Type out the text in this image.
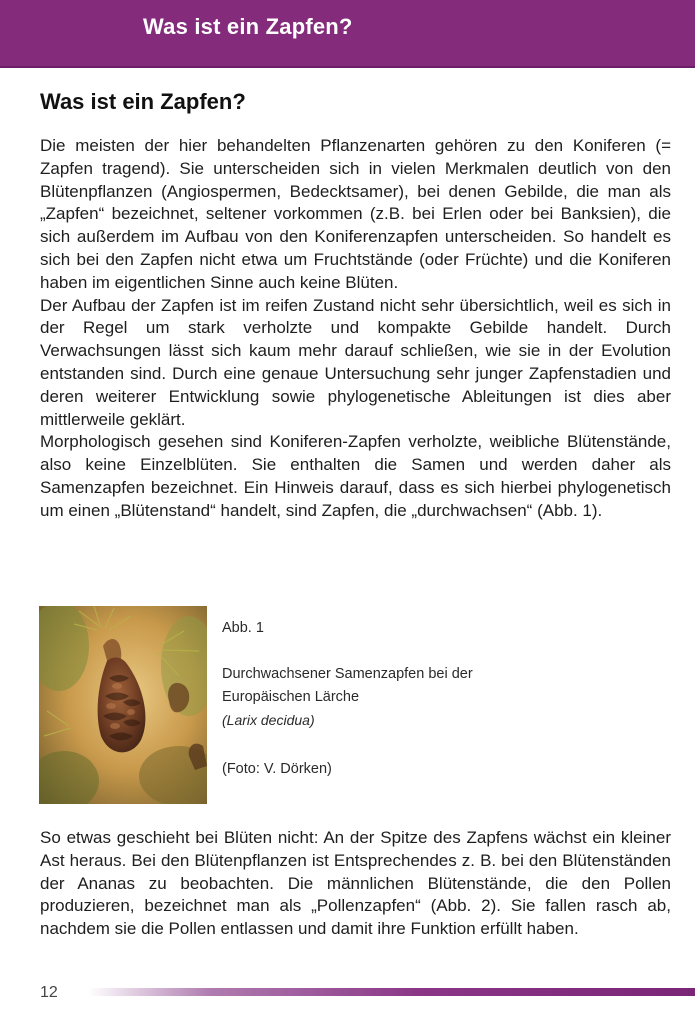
Was ist ein Zapfen?
Was ist ein Zapfen?

Die meisten der hier behandelten Pflanzenarten gehören zu den Koniferen (= Zapfen tragend). Sie unterscheiden sich in vielen Merkmalen deutlich von den Blütenpflanzen (Angiospermen, Bedecktsamer), bei denen Gebilde, die man als „Zapfen“ bezeichnet, seltener vorkommen (z.B. bei Erlen oder bei Banksien), die sich außerdem im Aufbau von den Koniferenzapfen unterscheiden. So handelt es sich bei den Zapfen nicht etwa um Fruchtstände (oder Früchte) und die Koniferen haben im eigentlichen Sinne auch keine Blüten.

Der Aufbau der Zapfen ist im reifen Zustand nicht sehr übersichtlich, weil es sich in der Regel um stark verholzte und kompakte Gebilde handelt. Durch Verwachsungen lässt sich kaum mehr darauf schließen, wie sie in der Evolution entstanden sind. Durch eine genaue Untersuchung sehr junger Zapfenstadien und deren weiterer Entwicklung sowie phylogenetische Ableitungen ist dies aber mittlerweile geklärt.

Morphologisch gesehen sind Koniferen-Zapfen verholzte, weibliche Blütenstände, also keine Einzelblüten. Sie enthalten die Samen und werden daher als Samenzapfen bezeichnet. Ein Hinweis darauf, dass es sich hierbei phylogenetisch um einen „Blütenstand“ handelt, sind Zapfen, die „durchwachsen“ (Abb. 1).

Abb. 1
Durchwachsener Samenzapfen bei der
Europäischen Lärche
(Larix decidua)
(Foto: V. Dörken)

So etwas geschieht bei Blüten nicht: An der Spitze des Zapfens wächst ein kleiner Ast heraus. Bei den Blütenpflanzen ist Entsprechendes z. B. bei den Blütenständen der Ananas zu beobachten. Die männlichen Blütenstände, die den Pollen produzieren, bezeichnet man als „Pollenzapfen“ (Abb. 2). Sie fallen rasch ab, nachdem sie die Pollen entlassen und damit ihre Funktion erfüllt haben.

12
